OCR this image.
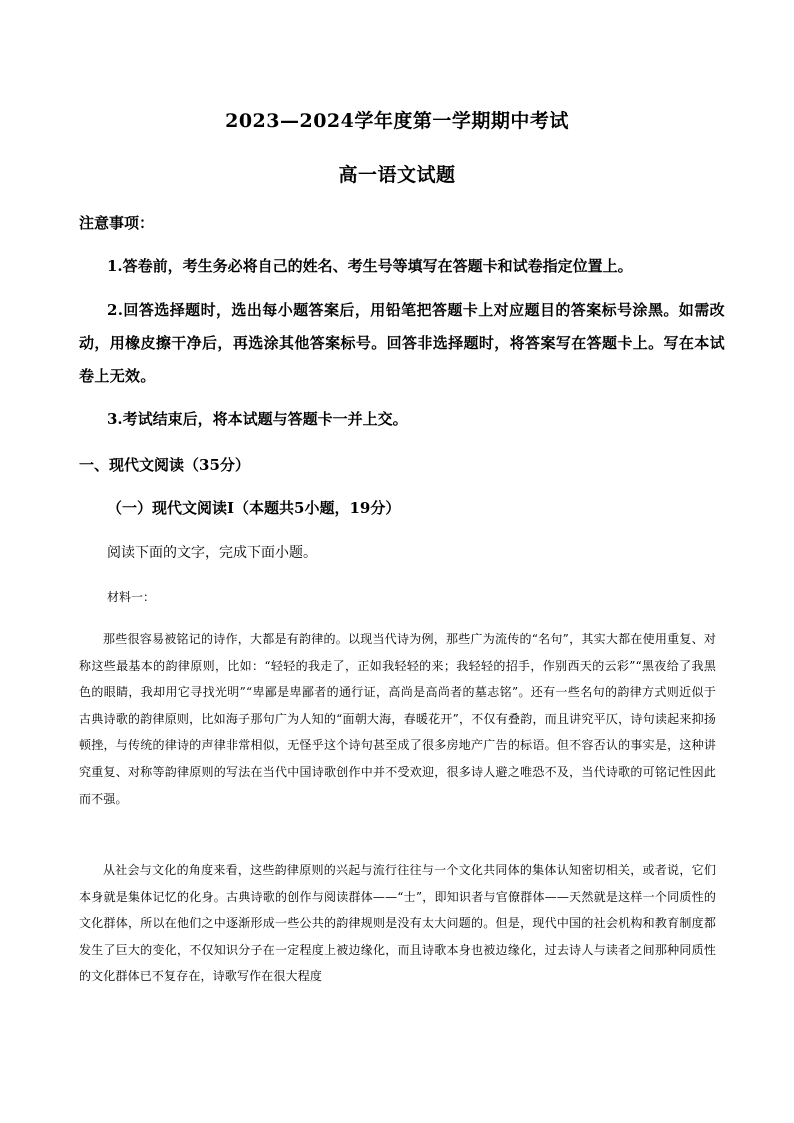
2023—2024学年度第一学期期中考试
高一语文试题
注意事项：
1.答卷前，考生务必将自己的姓名、考生号等填写在答题卡和试卷指定位置上。
2.回答选择题时，选出每小题答案后，用铅笔把答题卡上对应题目的答案标号涂黑。如需改动，用橡皮擦干净后，再选涂其他答案标号。回答非选择题时，将答案写在答题卡上。写在本试卷上无效。
3.考试结束后，将本试题与答题卡一并上交。
一、现代文阅读（35分）
（一）现代文阅读Ⅰ（本题共5小题，19分）
阅读下面的文字，完成下面小题。
材料一：
那些很容易被铭记的诗作，大都是有韵律的。以现当代诗为例，那些广为流传的“名句”，其实大都在使用重复、对称这些最基本的韵律原则，比如：“轻轻的我走了，正如我轻轻的来；我轻轻的招手，作别西天的云彩”“黑夜给了我黑色的眼睛，我却用它寻找光明”“卑鄙是卑鄙者的通行证，高尚是高尚者的墓志铭”。还有一些名句的韵律方式则近似于古典诗歌的韵律原则，比如海子那句广为人知的“面朝大海，春暖花开”，不仅有叠韵，而且讲究平仄，诗句读起来抑扬顿挫，与传统的律诗的声律非常相似，无怪乎这个诗句甚至成了很多房地产广告的标语。但不容否认的事实是，这种讲究重复、对称等韵律原则的写法在当代中国诗歌创作中并不受欢迎，很多诗人避之唯恐不及，当代诗歌的可铭记性因此而不强。
从社会与文化的角度来看，这些韵律原则的兴起与流行往往与一个文化共同体的集体认知密切相关，或者说，它们本身就是集体记忆的化身。古典诗歌的创作与阅读群体——“士”，即知识者与官僚群体——天然就是这样一个同质性的文化群体，所以在他们之中逐渐形成一些公共的韵律规则是没有太大问题的。但是，现代中国的社会机构和教育制度都发生了巨大的变化，不仅知识分子在一定程度上被边缘化，而且诗歌本身也被边缘化，过去诗人与读者之间那种同质性的文化群体已不复存在，诗歌写作在很大程度
